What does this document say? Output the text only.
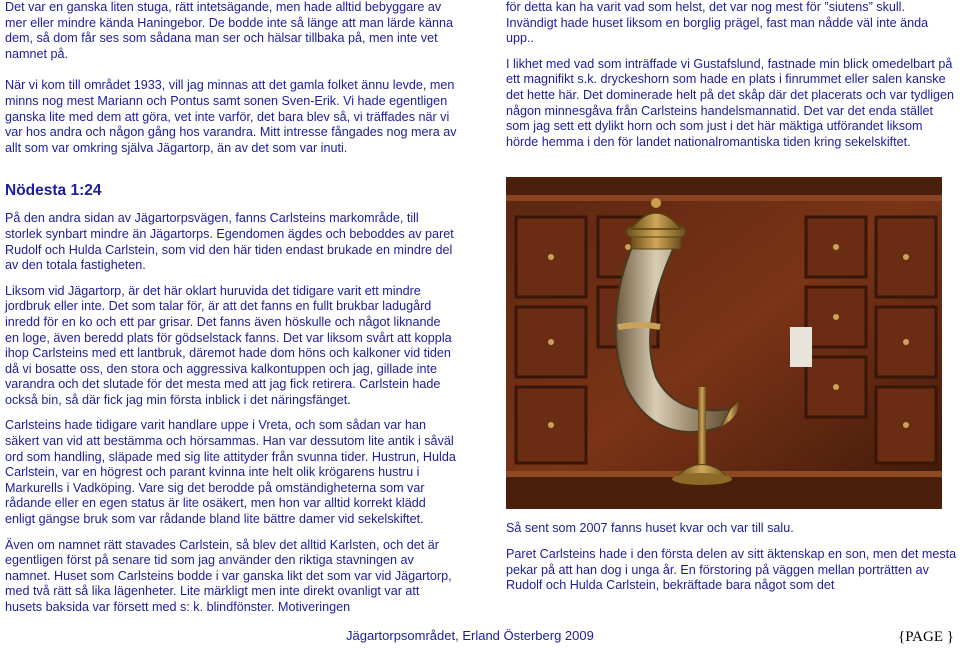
Det var en ganska liten stuga, rätt intetsägande, men hade alltid bebyggare av mer eller mindre kända Haningebor. De bodde inte så länge att man lärde känna dem, så dom får ses som sådana man ser och hälsar tillbaka på, men inte vet namnet på.

När vi kom till området 1933, vill jag minnas att det gamla folket ännu levde, men minns nog mest Mariann och Pontus samt sonen Sven-Erik. Vi hade egentligen ganska lite med dem att göra, vet inte varför, det bara blev så, vi träffades när vi var hos andra och någon gång hos varandra. Mitt intresse fångades nog mera av allt som var omkring själva Jägartorp, än av det som var inuti.

Nödesta 1:24

På den andra sidan av Jägartorpsvägen, fanns Carlsteins markområde, till storlek synbart mindre än Jägartorps. Egendomen ägdes och beboddes av paret Rudolf och Hulda Carlstein, som vid den här tiden endast brukade en mindre del av den totala fastigheten.

Liksom vid Jägartorp, är det här oklart huruvida det tidigare varit ett mindre jordbruk eller inte. Det som talar för, är att det fanns en fullt brukbar ladugård inredd för en ko och ett par grisar. Det fanns även höskulle och något liknande en loge, även beredd plats för gödselstack fanns. Det var liksom svårt att koppla ihop Carlsteins med ett lantbruk, däremot hade dom höns och kalkoner vid tiden då vi bosatte oss, den stora och aggressiva kalkontuppen och jag, gillade inte varandra och det slutade för det mesta med att jag fick retirera. Carlstein hade också bin, så där fick jag min första inblick i det näringsfänget.

Carlsteins hade tidigare varit handlare uppe i Vreta, och som sådan var han säkert van vid att bestämma och hörsammas. Han var dessutom lite antik i såväl ord som handling, släpade med sig lite attityder från svunna tider. Hustrun, Hulda Carlstein, var en högrest och parant kvinna inte helt olik krögarens hustru i Markurells i Vadköping. Vare sig det berodde på omständigheterna som var rådande eller en egen status är lite osäkert, men hon var alltid korrekt klädd enligt gängse bruk som var rådande bland lite bättre damer vid sekelskiftet.

Även om namnet rätt stavades Carlstein, så blev det alltid Karlsten, och det är egentligen först på senare tid som jag använder den riktiga stavningen av namnet. Huset som Carlsteins bodde i var ganska likt det som var vid Jägartorp, med två rätt så lika lägenheter. Lite märkligt men inte direkt ovanligt var att husets baksida var försett med s: k. blindfönster. Motiveringen

för detta kan ha varit vad som helst, det var nog mest för ”siutens” skull. Invändigt hade huset liksom en borglig prägel, fast man nådde väl inte ända upp..

I likhet med vad som inträffade vi Gustafslund, fastnade min blick omedelbart på ett magnifikt s.k. dryckeshorn som hade en plats i finrummet eller salen kanske det hette här. Det dominerade helt på det skåp där det placerats och var tydligen någon minnesgåva från Carlsteins handelsmannatid. Det var det enda stället som jag sett ett dylikt horn och som just i det här mäktiga utförandet liksom hörde hemma i den för landet nationalromantiska tiden kring sekelskiftet.

Så sent som 2007 fanns huset kvar och var till salu.

Paret Carlsteins hade i den första delen av sitt äktenskap en son, men det mesta pekar på att han dog i unga år. En förstoring på väggen mellan porträtten av Rudolf och Hulda Carlstein, bekräftade bara något som det

Jägartorpsområdet, Erland Österberg 2009	{PAGE }
